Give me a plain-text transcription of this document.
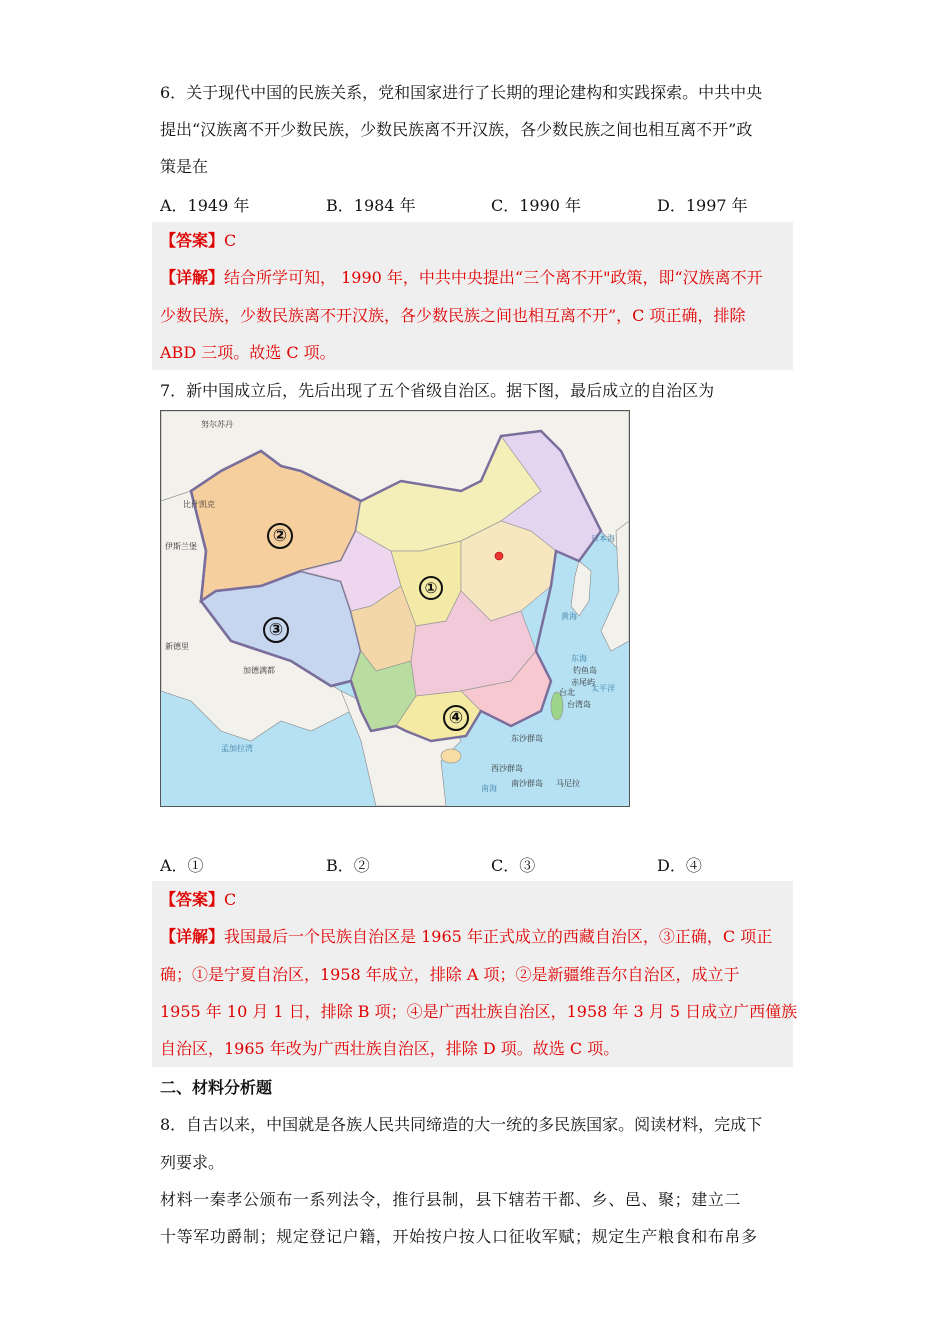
6．关于现代中国的民族关系，党和国家进行了长期的理论建构和实践探索。中共中央
提出“汉族离不开少数民族，少数民族离不开汉族，各少数民族之间也相互离不开”政
策是在
A．1949 年	B．1984 年	C．1990 年	D．1997 年
【答案】C
【详解】结合所学可知， 1990 年，中共中央提出“三个离不开"政策，即“汉族离不开
少数民族，少数民族离不开汉族，各少数民族之间也相互离不开”，C 项正确，排除
ABD 三项。故选 C 项。
7．新中国成立后，先后出现了五个省级自治区。据下图，最后成立的自治区为
努尔苏丹
比什凯克
伊斯兰堡
新德里
加德满都
日本海
黄海
东海
台湾岛
太平洋
钓鱼岛
赤尾屿
台北
东沙群岛
西沙群岛
南海
南沙群岛 马尼拉
孟加拉湾
①
②
③
④
A．①	B．②	C．③	D．④
【答案】C
【详解】我国最后一个民族自治区是 1965 年正式成立的西藏自治区，③正确，C 项正
确；①是宁夏自治区，1958 年成立，排除 A 项；②是新疆维吾尔自治区，成立于
1955 年 10 月 1 日，排除 B 项；④是广西壮族自治区，1958 年 3 月 5 日成立广西僮族
自治区，1965 年改为广西壮族自治区，排除 D 项。故选 C 项。
二、材料分析题
8．自古以来，中国就是各族人民共同缔造的大一统的多民族国家。阅读材料，完成下
列要求。
材料一秦孝公颁布一系列法令，推行县制，县下辖若干都、乡、邑、聚；建立二
十等军功爵制；规定登记户籍，开始按户按人口征收军赋；规定生产粮食和布帛多
